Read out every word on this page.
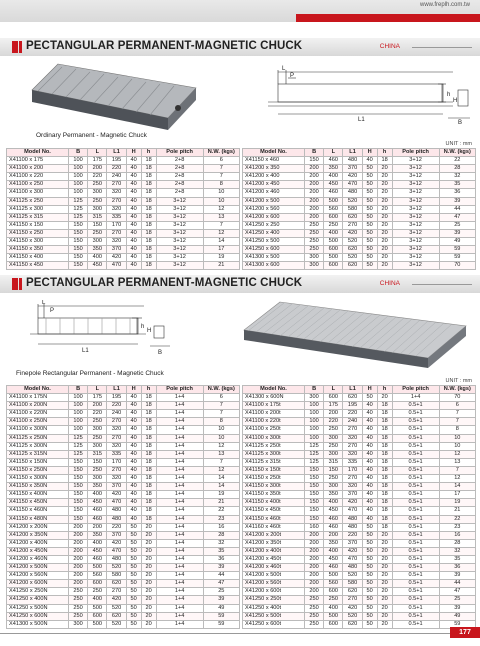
www.freplh.com.tw
PECTANGULAR PERMANENT-MAGNETIC CHUCK	CHINA
Ordinary Permanent - Magnetic Chuck
L
P
h
H
L1	B
UNIT : mm
Model No.	B	L	L1	H	h	Pole pitch	N.W. (kgs)
X41100 x 175	100	175	195	40	18	2+8	6
X41100 x 200	100	200	220	40	18	2+8	7
X41100 x 220	100	220	240	40	18	2+8	7
X41100 x 250	100	250	270	40	18	2+8	8
X41100 x 300	100	300	320	40	18	2+8	10
X41125 x 250	125	250	270	40	18	3+12	10
X41125 x 300	125	300	320	40	18	3+12	12
X41125 x 315	125	315	335	40	18	3+12	13
X41150 x 150	150	150	170	40	18	3+12	7
X41150 x 250	150	250	270	40	18	3+12	12
X41150 x 300	150	300	320	40	18	3+12	14
X41150 x 350	150	350	370	40	18	3+12	17
X41150 x 400	150	400	420	40	18	3+12	19
X41150 x 450	150	450	470	40	18	3+12	21
Model No.	B	L	L1	H	h	Pole pitch	N.W. (kgs)
X41150 x 460	150	460	480	40	18	3+12	22
X41200 x 350	200	350	370	50	20	3+12	28
X41200 x 400	200	400	420	50	20	3+12	32
X41200 x 450	200	450	470	50	20	3+12	35
X41200 x 460	200	460	480	50	20	3+12	36
X41200 x 500	200	500	520	50	20	3+12	39
X41200 x 560	200	560	580	50	20	3+12	44
X41200 x 600	200	600	620	50	20	3+12	47
X41250 x 250	250	250	270	50	20	3+12	25
X41250 x 400	250	400	420	50	20	3+12	39
X41250 x 500	250	500	520	50	20	3+12	49
X41250 x 600	250	600	620	50	20	3+12	59
X41300 x 500	300	500	520	50	20	3+12	59
X41300 x 600	300	600	620	50	20	3+12	70
PECTANGULAR PERMANENT-MAGNETIC CHUCK	CHINA
L
P
h
H
L1	B
Finepole Rectangular Permanent - Magnetic Chuck
UNIT : mm
Model No.	B	L	L1	H	h	Pole pitch	N.W. (kgs)
X41100 x 175N	100	175	195	40	18	1+4	6
X41100 x 200N	100	200	220	40	18	1+4	7
X41100 x 220N	100	220	240	40	18	1+4	7
X41100 x 250N	100	250	270	40	18	1+4	8
X41100 x 300N	100	300	320	40	18	1+4	10
X41125 x 250N	125	250	270	40	18	1+4	10
X41125 x 300N	125	300	320	40	18	1+4	12
X41125 x 315N	125	315	335	40	18	1+4	13
X41150 x 150N	150	150	170	40	18	1+4	7
X41150 x 250N	150	250	270	40	18	1+4	12
X41150 x 300N	150	300	320	40	18	1+4	14
X41150 x 350N	150	350	370	40	18	1+4	14
X41150 x 400N	150	400	420	40	18	1+4	19
X41150 x 450N	150	450	470	40	18	1+4	21
X41150 x 460N	150	460	480	40	18	1+4	22
X41150 x 480N	150	460	480	40	18	1+4	23
X41200 x 200N	200	200	220	50	20	1+4	16
X41200 x 350N	200	350	370	50	20	1+4	28
X41200 x 400N	200	400	420	50	20	1+4	32
X41200 x 450N	200	450	470	50	20	1+4	35
X41200 x 460N	200	460	480	50	20	1+4	36
X41200 x 500N	200	500	520	50	20	1+4	39
X41200 x 560N	200	560	580	50	20	1+4	44
X41200 x 600N	200	600	620	50	20	1+4	47
X41250 x 250N	250	250	270	50	20	1+4	25
X41250 x 400N	250	400	420	50	20	1+4	39
X41250 x 500N	250	500	520	50	20	1+4	49
X41250 x 600N	250	600	620	50	20	1+4	59
X41300 x 500N	300	500	520	50	20	1+4	59
Model No.	B	L	L1	H	h	Pole pitch	N.W. (kgs)
X41300 x 600N	300	600	620	50	20	1+4	70
X41100 x 175t	100	175	195	40	18	0.5+1	6
X41100 x 200t	100	200	220	40	18	0.5+1	7
X41100 x 220t	100	220	240	40	18	0.5+1	7
X41100 x 250t	100	250	270	40	18	0.5+1	8
X41100 x 300t	100	300	320	40	18	0.5+1	10
X41125 x 250t	125	250	270	40	18	0.5+1	10
X41125 x 300t	125	300	320	40	18	0.5+1	12
X41125 x 315t	125	315	335	40	18	0.5+1	13
X41150 x 150t	150	150	170	40	18	0.5+1	7
X41150 x 250t	150	250	270	40	18	0.5+1	12
X41150 x 300t	150	300	320	40	18	0.5+1	14
X41150 x 350t	150	350	370	40	18	0.5+1	17
X41150 x 400t	150	400	420	40	18	0.5+1	19
X41150 x 450t	150	450	470	40	18	0.5+1	21
X41150 x 460t	150	460	480	40	18	0.5+1	22
X41160 x 460t	160	460	480	50	18	0.5+1	23
X41200 x 200t	200	200	220	50	20	0.5+1	16
X41200 x 350t	200	350	370	50	20	0.5+1	28
X41200 x 400t	200	400	420	50	20	0.5+1	32
X41200 x 450t	200	450	470	50	20	0.5+1	35
X41200 x 460t	200	460	480	50	20	0.5+1	36
X41200 x 500t	200	500	520	50	20	0.5+1	39
X41200 x 560t	200	560	580	50	20	0.5+1	44
X41200 x 600t	200	600	620	50	20	0.5+1	47
X41250 x 250t	250	250	270	50	20	0.5+1	25
X41250 x 400t	250	400	420	50	20	0.5+1	39
X41250 x 500t	250	500	520	50	20	0.5+1	49
X41250 x 600t	250	600	620	50	20	0.5+1	59
177
